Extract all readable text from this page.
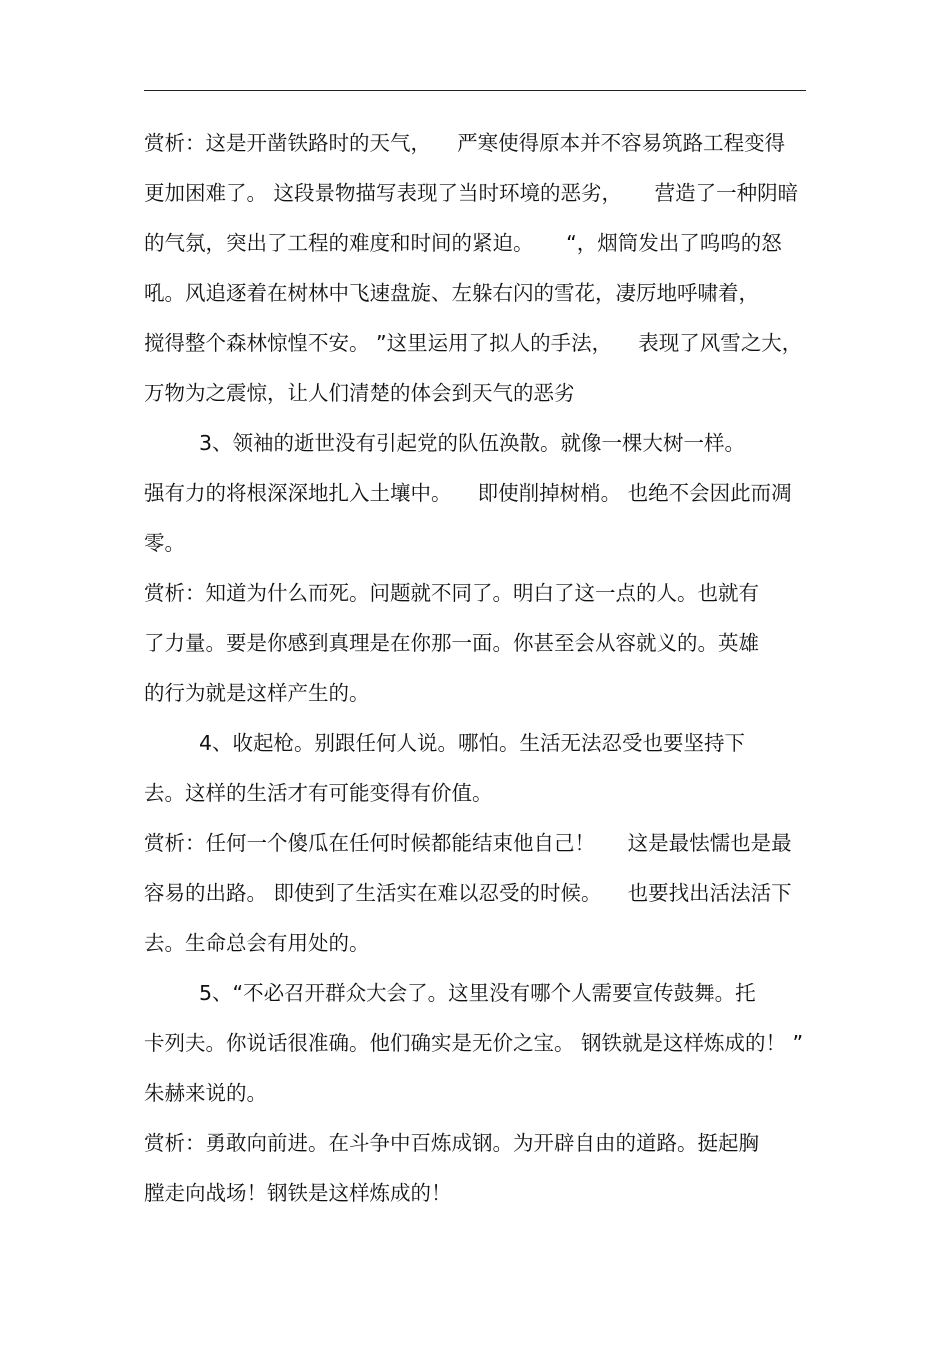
赏析：这是开凿铁路时的天气，    严寒使得原本并不容易筑路工程变得
更加困难了。 这段景物描写表现了当时环境的恶劣，     营造了一种阴暗
的气氛，突出了工程的难度和时间的紧迫。     “，烟筒发出了呜呜的怒
吼。风追逐着在树林中飞速盘旋、左躲右闪的雪花，凄厉地呼啸着，
搅得整个森林惊惶不安。 ”这里运用了拟人的手法，    表现了风雪之大，
万物为之震惊，让人们清楚的体会到天气的恶劣
3、领袖的逝世没有引起党的队伍涣散。就像一棵大树一样。
强有力的将根深深地扎入土壤中。    即使削掉树梢。 也绝不会因此而凋
零。
赏析：知道为什么而死。问题就不同了。明白了这一点的人。也就有
了力量。要是你感到真理是在你那一面。你甚至会从容就义的。英雄
的行为就是这样产生的。
4、收起枪。别跟任何人说。哪怕。生活无法忍受也要坚持下
去。这样的生活才有可能变得有价值。
赏析：任何一个傻瓜在任何时候都能结束他自己！     这是最怯懦也是最
容易的出路。 即使到了生活实在难以忍受的时候。    也要找出活法活下
去。生命总会有用处的。
5、“不必召开群众大会了。这里没有哪个人需要宣传鼓舞。托
卡列夫。你说话很准确。他们确实是无价之宝。 钢铁就是这样炼成的！ ”
朱赫来说的。
赏析：勇敢向前进。在斗争中百炼成钢。为开辟自由的道路。挺起胸
膛走向战场！钢铁是这样炼成的！
